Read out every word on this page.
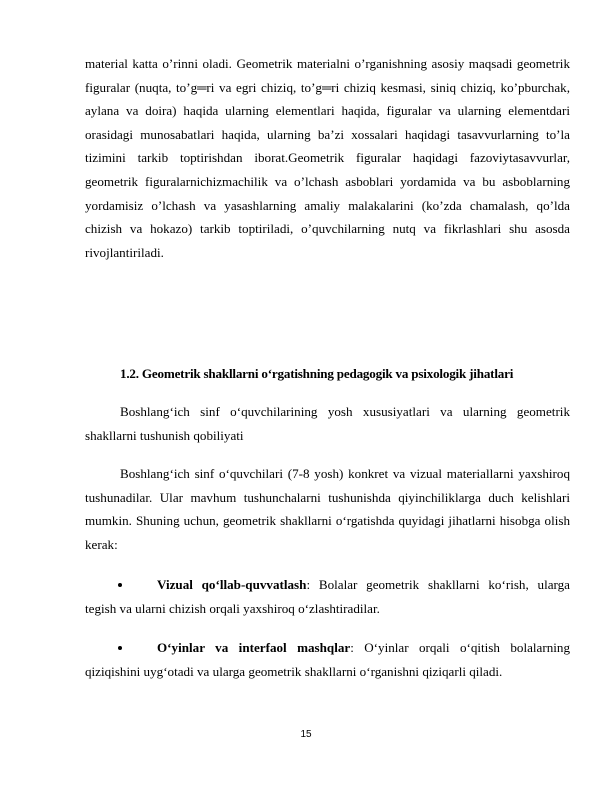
material katta o’rinni oladi. Geometrik materialni o’rganishning asosiy maqsadi geometrik figuralar (nuqta, to’g═ri va egri chiziq, to’g═ri chiziq kesmasi, siniq chiziq, ko’pburchak, aylana va doira) haqida ularning elementlari haqida, figuralar va ularning elementdari orasidagi munosabatlari haqida, ularning ba’zi xossalari haqidagi tasavvurlarning to’la tizimini tarkib toptirishdan iborat.Geometrik figuralar haqidagi fazoviytasavvurlar, geometrik figuralarnichizmachilik va o’lchash asboblari yordamida va bu asboblarning yordamisiz o’lchash va yasashlarning amaliy malakalarini (ko’zda chamalash, qo’lda chizish va hokazo) tarkib toptiriladi, o’quvchilarning nutq va fikrlashlari shu asosda rivojlantiriladi.

1.2. Geometrik shakllarni o‘rgatishning pedagogik va psixologik jihatlari

Boshlang‘ich sinf o‘quvchilarining yosh xususiyatlari va ularning geometrik shakllarni tushunish qobiliyati

Boshlang‘ich sinf o‘quvchilari (7-8 yosh) konkret va vizual materiallarni yaxshiroq tushunadilar. Ular mavhum tushunchalarni tushunishda qiyinchiliklarga duch kelishlari mumkin. Shuning uchun, geometrik shakllarni o‘rgatishda quyidagi jihatlarni hisobga olish kerak:

Vizual qo‘llab-quvvatlash: Bolalar geometrik shakllarni ko‘rish, ularga tegish va ularni chizish orqali yaxshiroq o‘zlashtiradilar.

O‘yinlar va interfaol mashqlar: O‘yinlar orqali o‘qitish bolalarning qiziqishini uyg‘otadi va ularga geometrik shakllarni o‘rganishni qiziqarli qiladi.

15
